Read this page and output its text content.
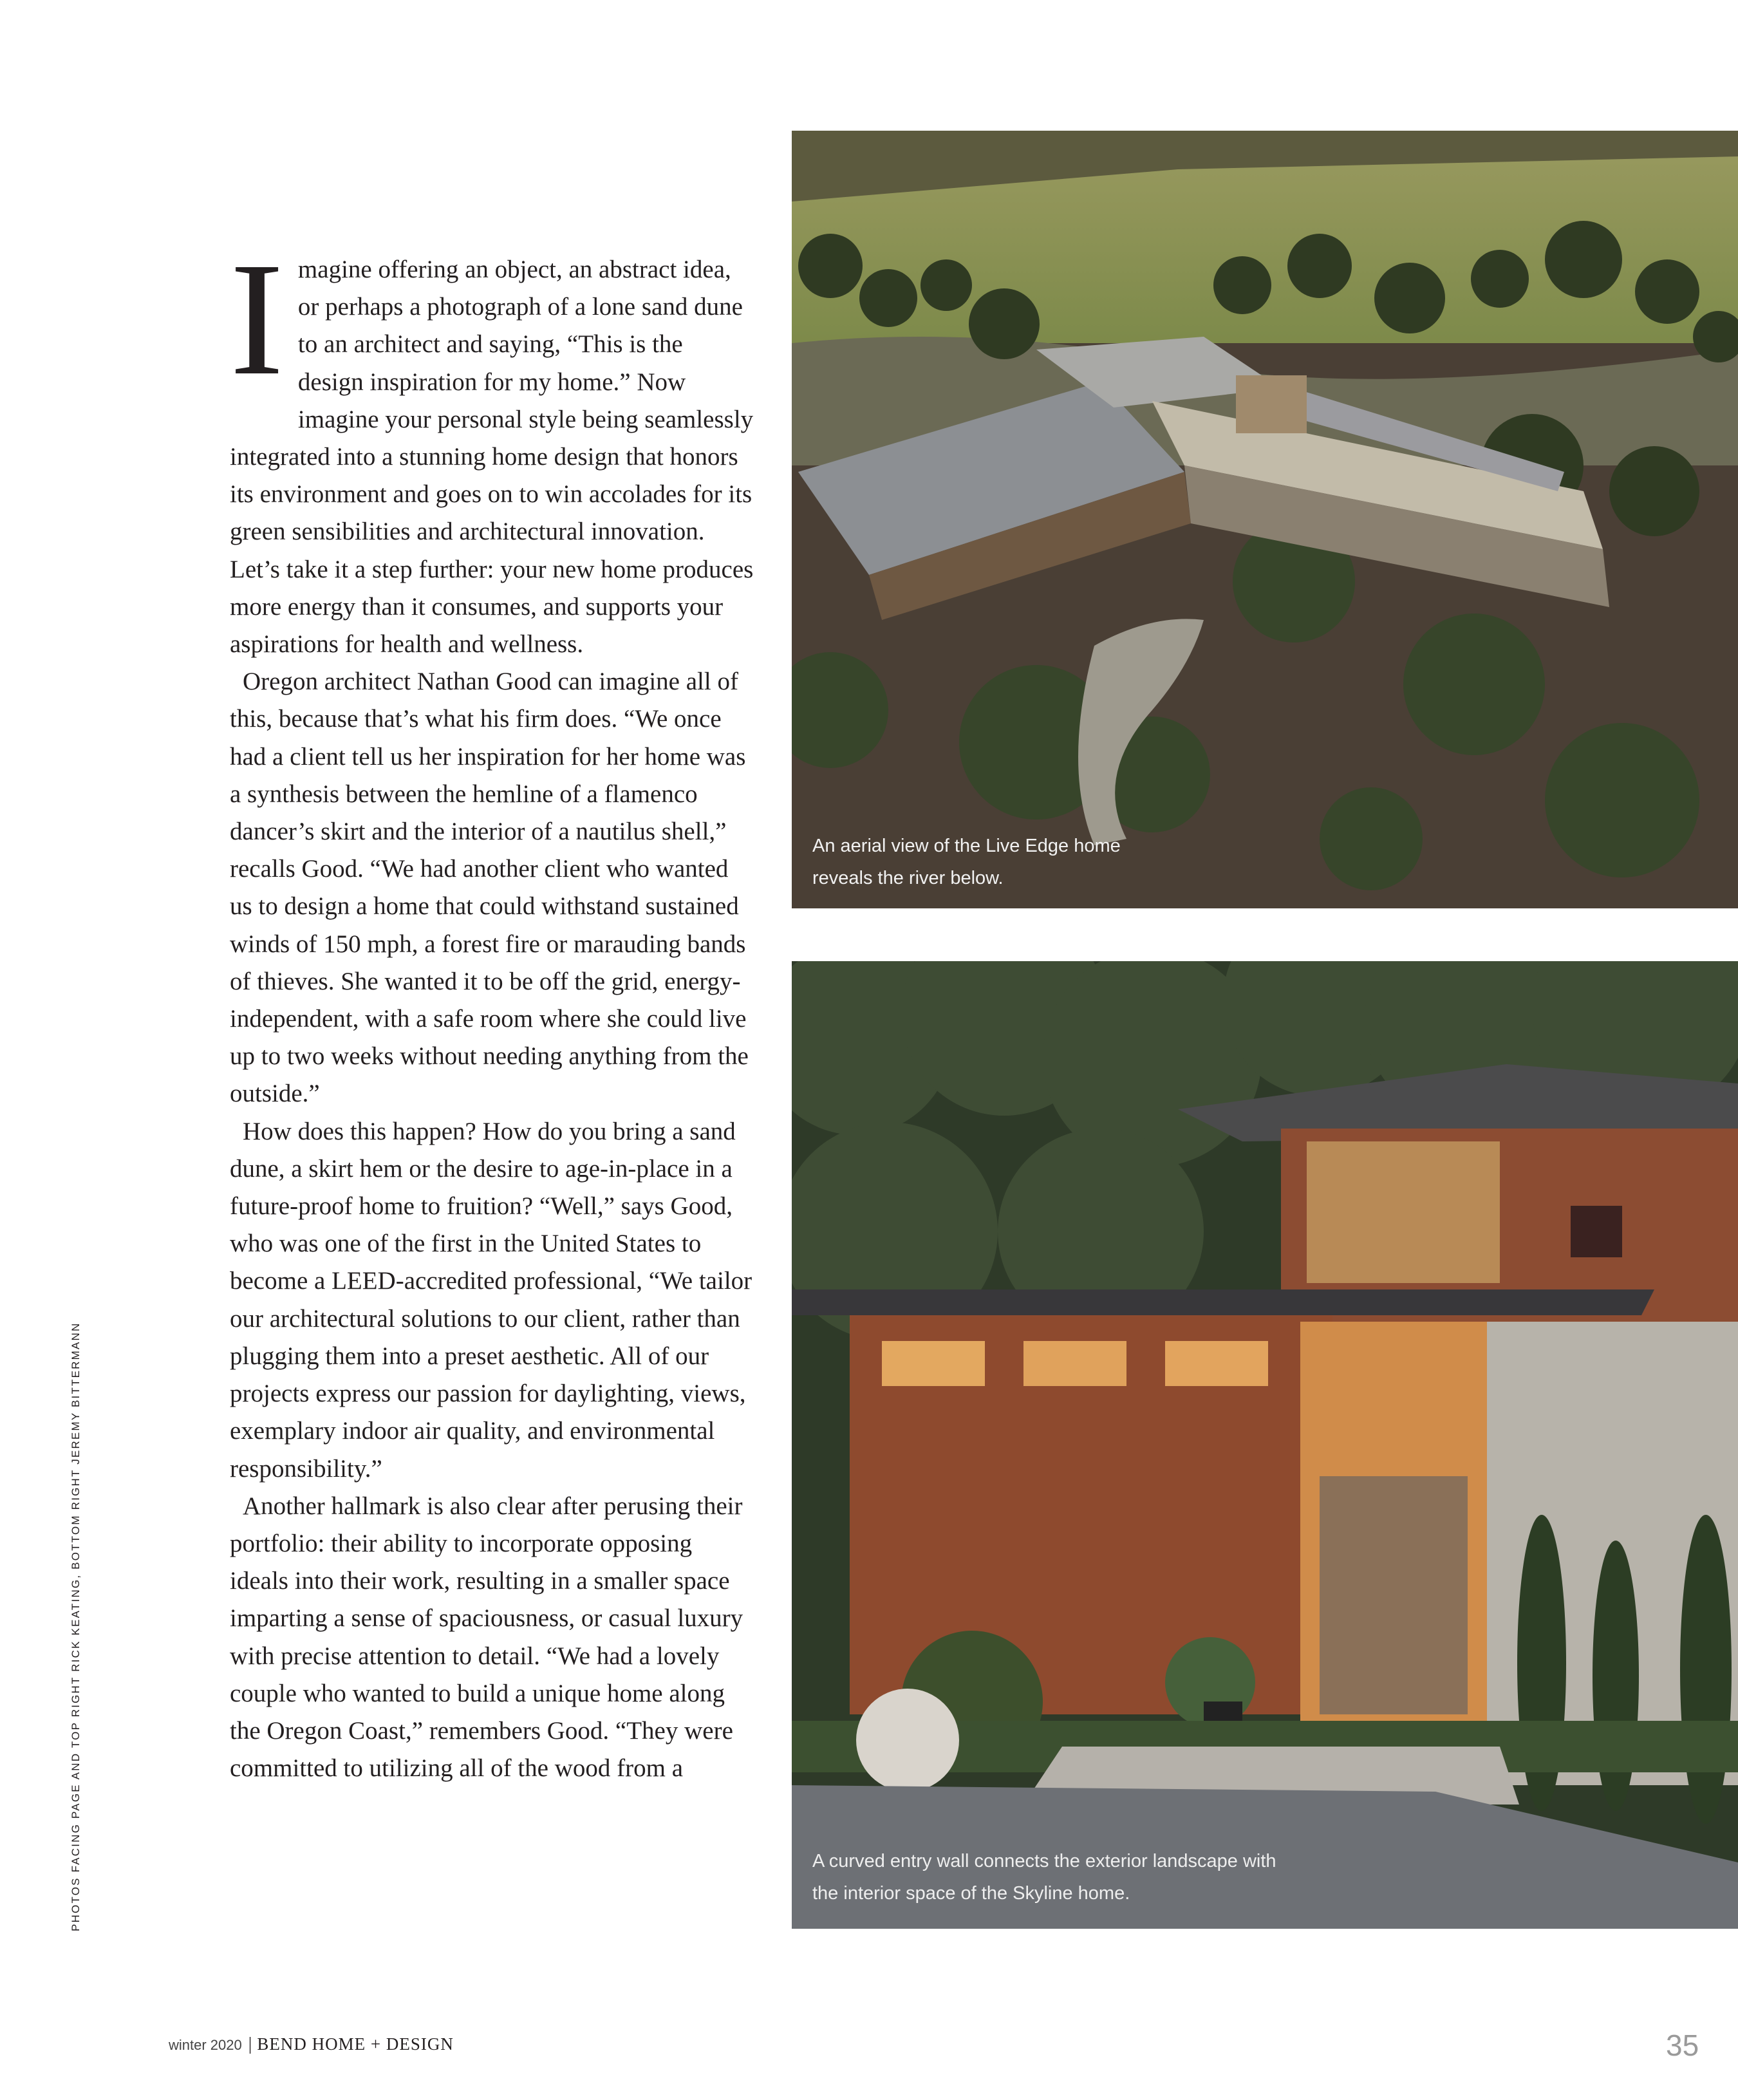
PHOTOS FACING PAGE AND TOP RIGHT RICK KEATING, BOTTOM RIGHT JEREMY BITTERMANN

Imagine offering an object, an abstract idea, or perhaps a photograph of a lone sand dune to an architect and saying, “This is the design inspiration for my home.” Now imagine your personal style being seamlessly integrated into a stunning home design that honors its environment and goes on to win accolades for its green sensibilities and architectural innovation. Let’s take it a step further: your new home produces more energy than it consumes, and supports your aspirations for health and wellness.

Oregon architect Nathan Good can imagine all of this, because that’s what his firm does. “We once had a client tell us her inspiration for her home was a synthesis between the hemline of a flamenco dancer’s skirt and the interior of a nautilus shell,” recalls Good. “We had another client who wanted us to design a home that could withstand sustained winds of 150 mph, a forest fire or marauding bands of thieves. She wanted it to be off the grid, energy-independent, with a safe room where she could live up to two weeks without needing anything from the outside.”

How does this happen? How do you bring a sand dune, a skirt hem or the desire to age-in-place in a future-proof home to fruition? “Well,” says Good, who was one of the first in the United States to become a LEED-accredited professional, “We tailor our architectural solutions to our client, rather than plugging them into a preset aesthetic. All of our projects express our passion for daylighting, views, exemplary indoor air quality, and environmental responsibility.”

Another hallmark is also clear after perusing their portfolio: their ability to incorporate opposing ideals into their work, resulting in a smaller space imparting a sense of spaciousness, or casual luxury with precise attention to detail. “We had a lovely couple who wanted to build a unique home along the Oregon Coast,” remembers Good. “They were committed to utilizing all of the wood from a

An aerial view of the Live Edge home reveals the river below.

A curved entry wall connects the exterior landscape with the interior space of the Skyline home.

winter 2020 | BEND HOME + DESIGN	35
